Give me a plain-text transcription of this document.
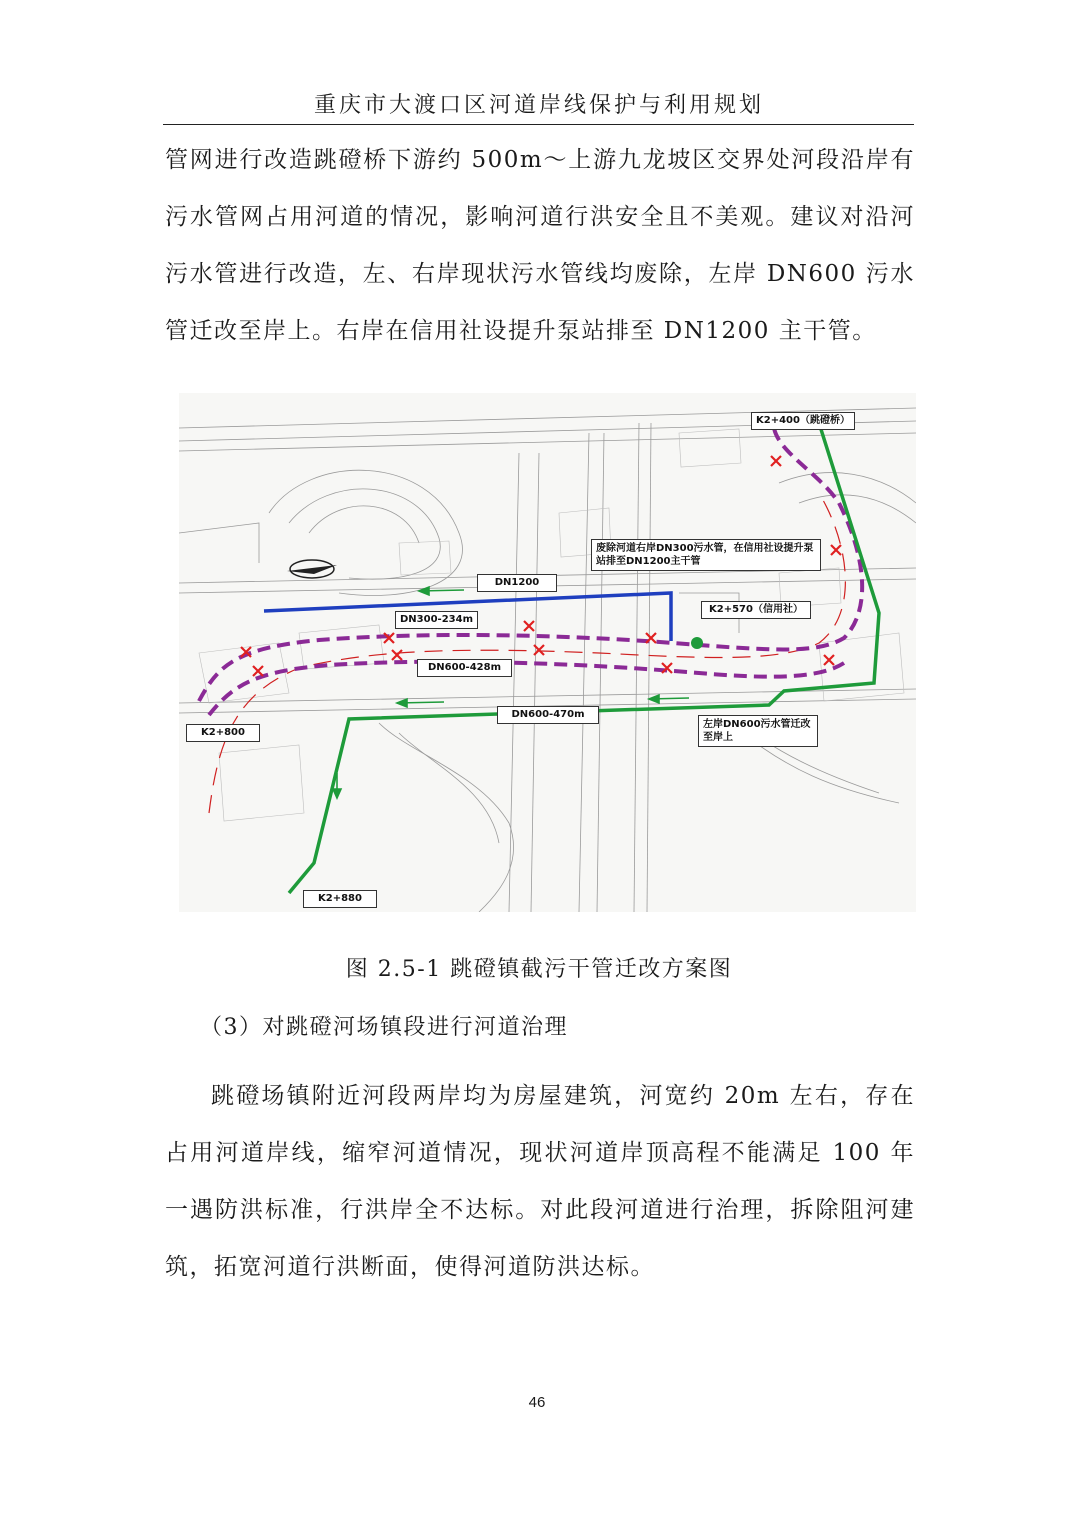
重庆市大渡口区河道岸线保护与利用规划
管网进行改造跳磴桥下游约 500m～上游九龙坡区交界处河段沿岸有污水管网占用河道的情况，影响河道行洪安全且不美观。建议对沿河污水管进行改造，左、右岸现状污水管线均废除，左岸 DN600 污水管迁改至岸上。右岸在信用社设提升泵站排至 DN1200 主干管。
K2+400（跳磴桥）
废除河道右岸DN300污水管，在信用社设提升泵站排至DN1200主干管
DN1200
K2+570（信用社）
DN300-234m
DN600-428m
DN600-470m
左岸DN600污水管迁改至岸上
K2+800
K2+880
图 2.5-1 跳磴镇截污干管迁改方案图
（3）对跳磴河场镇段进行河道治理
跳磴场镇附近河段两岸均为房屋建筑，河宽约 20m 左右，存在占用河道岸线，缩窄河道情况，现状河道岸顶高程不能满足 100 年一遇防洪标准，行洪岸全不达标。对此段河道进行治理，拆除阻河建筑，拓宽河道行洪断面，使得河道防洪达标。
46
